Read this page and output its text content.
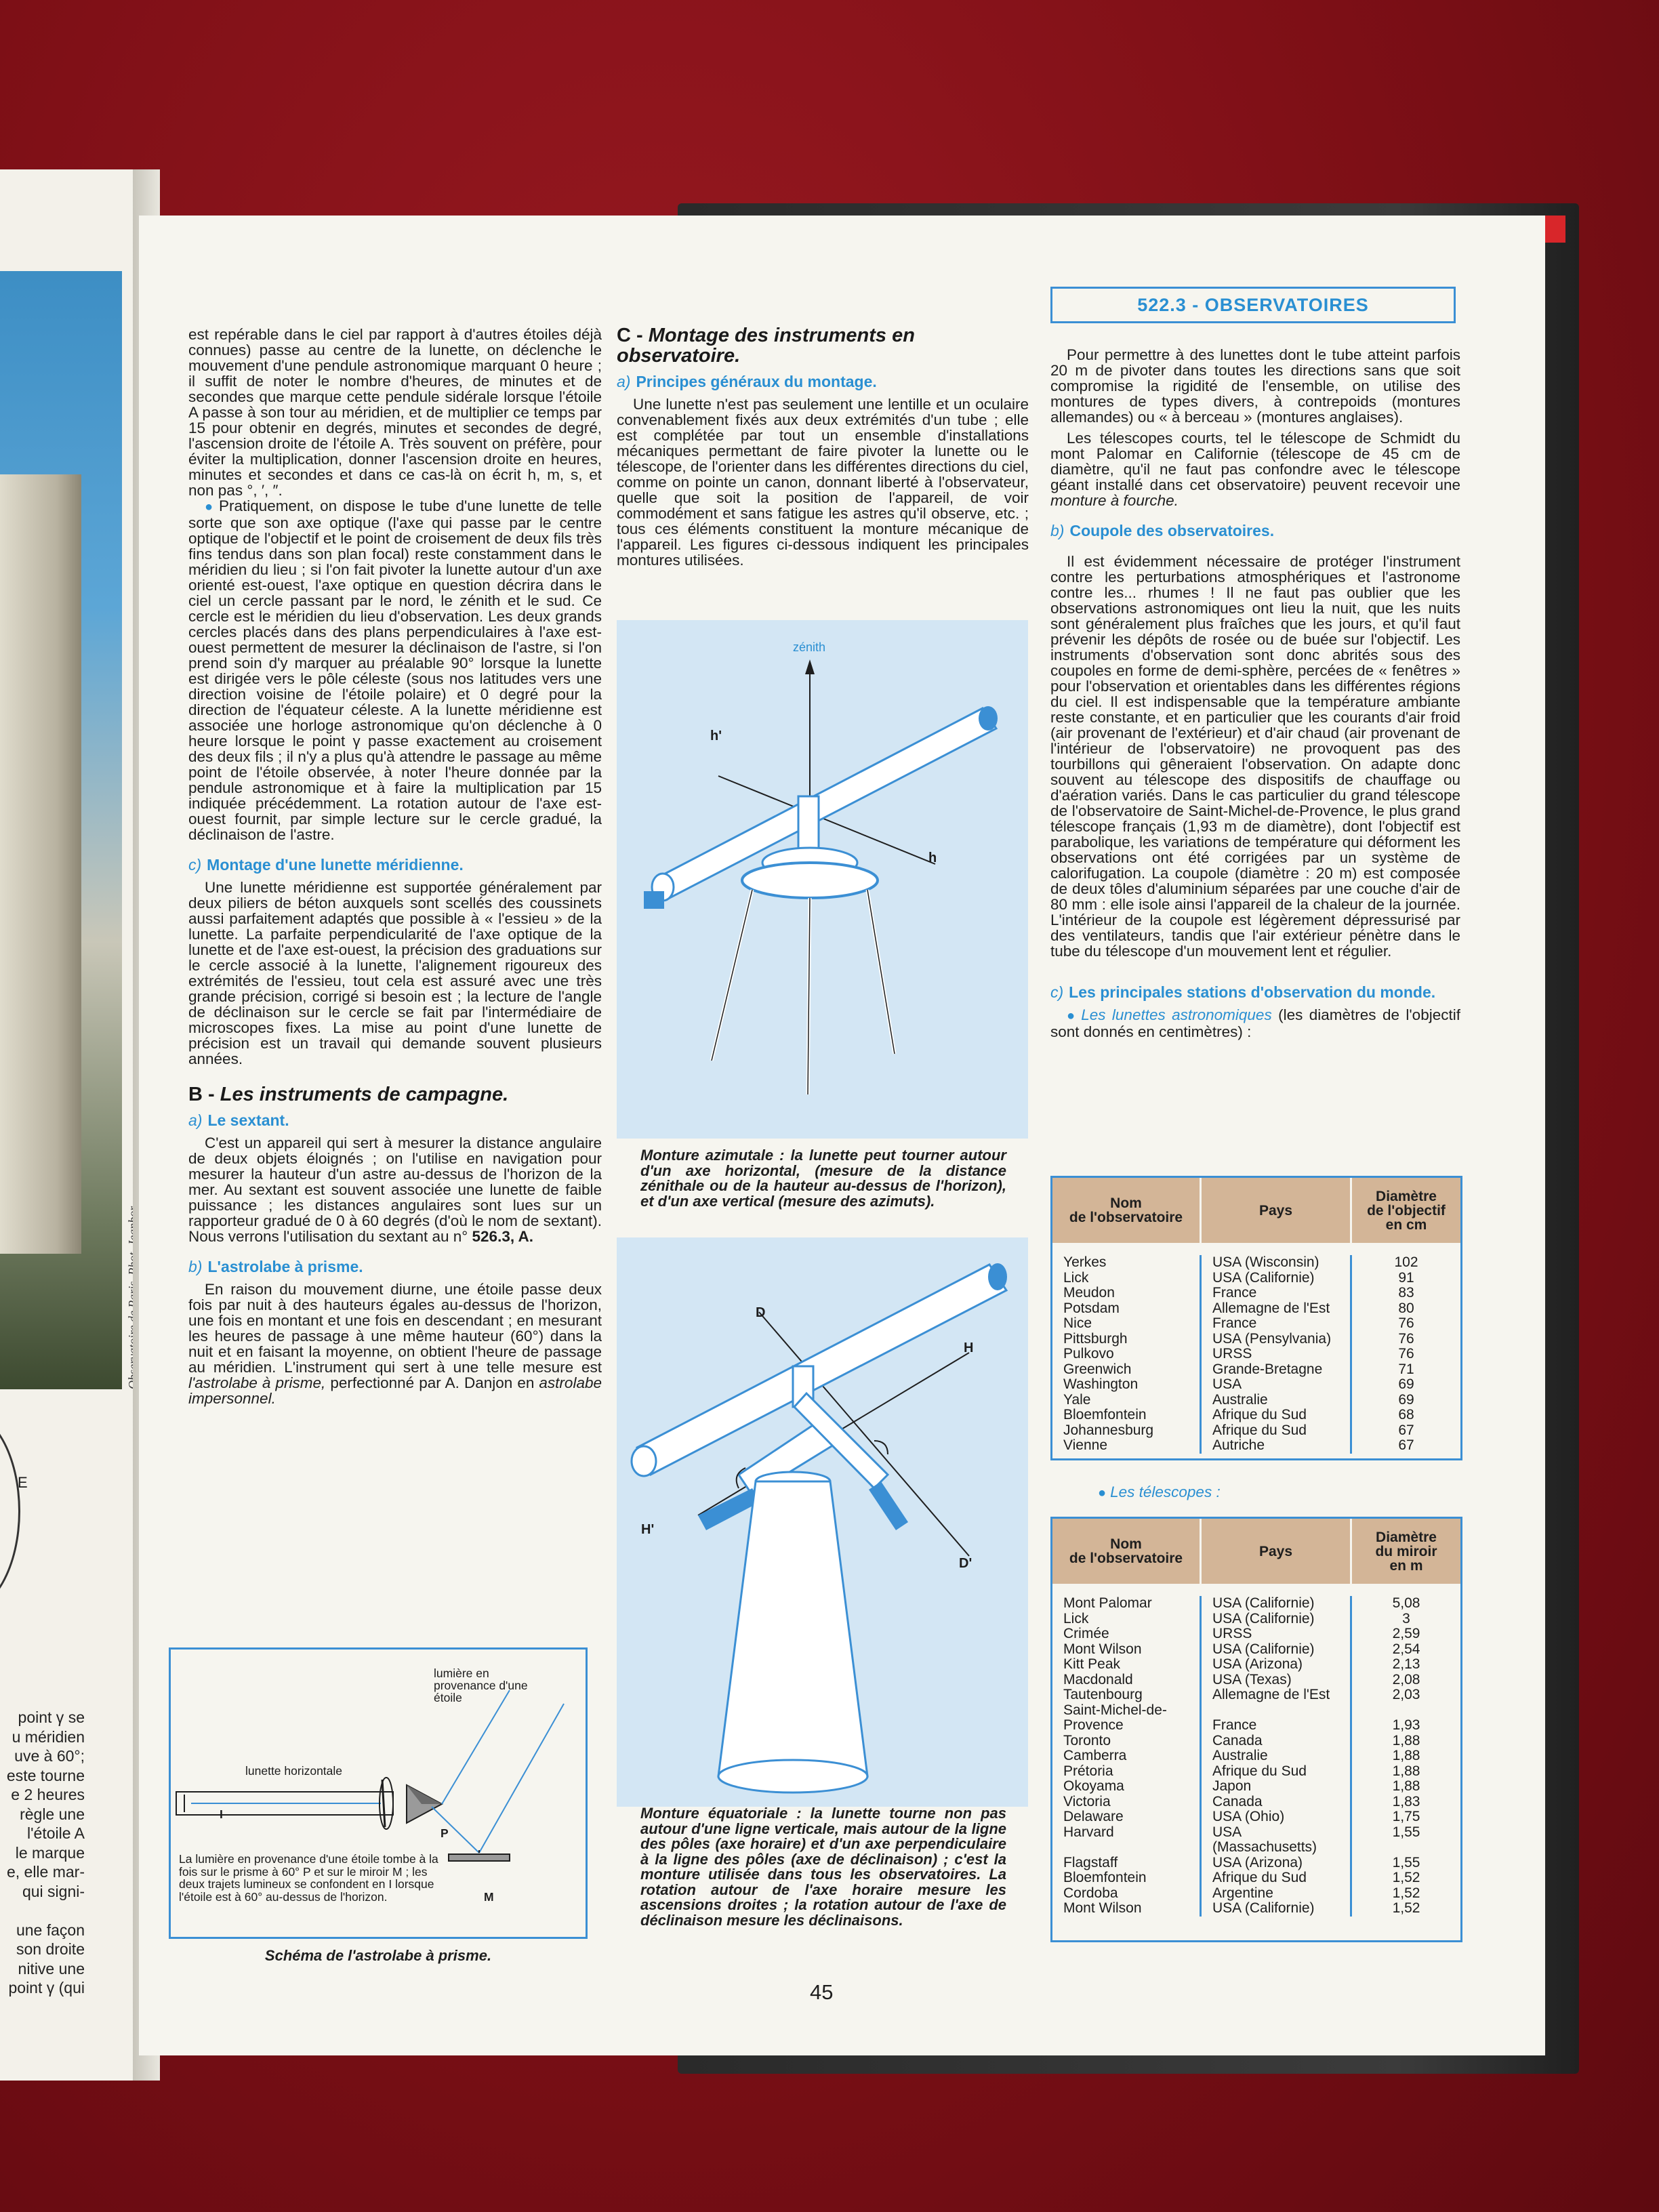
E
point γ se
u méridien
uve à 60°;
este tourne
e 2 heures
règle une
l'étoile A
le marque
e, elle mar-
qui signi-

une façon
son droite
nitive une
point γ (qui

est repérable dans le ciel par rapport à d'autres étoiles déjà connues) passe au centre de la lunette, on déclenche le mouvement d'une pendule astronomique marquant 0 heure ; il suffit de noter le nombre d'heures, de minutes et de secondes que marque cette pendule sidérale lorsque l'étoile A passe à son tour au méridien, et de multiplier ce temps par 15 pour obtenir en degrés, minutes et secondes de degré, l'ascension droite de l'étoile A. Très souvent on préfère, pour éviter la multiplication, donner l'ascension droite en heures, minutes et secondes et dans ce cas-là on écrit h, m, s, et non pas °, ′, ″.

● Pratiquement, on dispose le tube d'une lunette de telle sorte que son axe optique (l'axe qui passe par le centre optique de l'objectif et le point de croisement de deux fils très fins tendus dans son plan focal) reste constamment dans le méridien du lieu ; si l'on fait pivoter la lunette autour d'un axe orienté est-ouest, l'axe optique en question décrira dans le ciel un cercle passant par le nord, le zénith et le sud. Ce cercle est le méridien du lieu d'observation. Les deux grands cercles placés dans des plans perpendiculaires à l'axe est-ouest permettent de mesurer la déclinaison de l'astre, si l'on prend soin d'y marquer au préalable 90° lorsque la lunette est dirigée vers le pôle céleste (sous nos latitudes vers une direction voisine de l'étoile polaire) et 0 degré pour la direction de l'équateur céleste. A la lunette méridienne est associée une horloge astronomique qu'on déclenche à 0 heure lorsque le point γ passe exactement au croisement des deux fils ; il n'y a plus qu'à attendre le passage au même point de l'étoile observée, à noter l'heure donnée par la pendule astronomique et à faire la multiplication par 15 indiquée précédemment. La rotation autour de l'axe est-ouest fournit, par simple lecture sur le cercle gradué, la déclinaison de l'astre.

c) Montage d'une lunette méridienne.

Une lunette méridienne est supportée généralement par deux piliers de béton auxquels sont scellés des coussinets aussi parfaitement adaptés que possible à « l'essieu » de la lunette. La parfaite perpendicularité de l'axe optique de la lunette et de l'axe est-ouest, la précision des graduations sur le cercle associé à la lunette, l'alignement rigoureux des extrémités de l'essieu, tout cela est assuré avec une très grande précision, corrigé si besoin est ; la lecture de l'angle de déclinaison sur le cercle se fait par l'intermédiaire de microscopes fixes. La mise au point d'une lunette de précision est un travail qui demande souvent plusieurs années.

B - Les instruments de campagne.
a) Le sextant.

C'est un appareil qui sert à mesurer la distance angulaire de deux objets éloignés ; on l'utilise en navigation pour mesurer la hauteur d'un astre au-dessus de l'horizon de la mer. Au sextant est souvent associée une lunette de faible puissance ; les distances angulaires sont lues sur un rapporteur gradué de 0 à 60 degrés (d'où le nom de sextant). Nous verrons l'utilisation du sextant au n° 526.3, A.

b) L'astrolabe à prisme.

En raison du mouvement diurne, une étoile passe deux fois par nuit à des hauteurs égales au-dessus de l'horizon, une fois en montant et une fois en descendant ; en mesurant les heures de passage à une même hauteur (60°) dans la nuit et en faisant la moyenne, on obtient l'heure de passage au méridien. L'instrument qui sert à une telle mesure est l'astrolabe à prisme, perfectionné par A. Danjon en astrolabe impersonnel.

lumière en provenance d'une étoile
lunette horizontale
I
P
M
La lumière en provenance d'une étoile tombe à la fois sur le prisme à 60° P et sur le miroir M ; les deux trajets lumineux se confondent en I lorsque l'étoile est à 60° au-dessus de l'horizon.
Schéma de l'astrolabe à prisme.
C - Montage des instruments en observatoire.
a) Principes généraux du montage.

Une lunette n'est pas seulement une lentille et un oculaire convenablement fixés aux deux extrémités d'un tube ; elle est complétée par tout un ensemble d'installations mécaniques permettant de faire pivoter la lunette ou le télescope, de l'orienter dans les différentes directions du ciel, comme on pointe un canon, donnant liberté à l'observateur, quelle que soit la position de l'appareil, de voir commodément et sans fatigue les astres qu'il observe, etc. ; tous ces éléments constituent la monture mécanique de l'appareil. Les figures ci-dessous indiquent les principales montures utilisées.

zénith
h'
h
Monture azimutale : la lunette peut tourner autour d'un axe horizontal, (mesure de la distance zénithale ou de la hauteur au-dessus de l'horizon), et d'un axe vertical (mesure des azimuts).
D
D'
H
H'
Monture équatoriale : la lunette tourne non pas autour d'une ligne verticale, mais autour de la ligne des pôles (axe horaire) et d'un axe perpendiculaire à la ligne des pôles (axe de déclinaison) ; c'est la monture utilisée dans tous les observatoires. La rotation autour de l'axe horaire mesure les ascensions droites ; la rotation autour de l'axe de déclinaison mesure les déclinaisons.
522.3 - OBSERVATOIRES

Pour permettre à des lunettes dont le tube atteint parfois 20 m de pivoter dans toutes les directions sans que soit compromise la rigidité de l'ensemble, on utilise des montures de types divers, à contrepoids (montures allemandes) ou « à berceau » (montures anglaises).

Les télescopes courts, tel le télescope de Schmidt du mont Palomar en Californie (télescope de 45 cm de diamètre, qu'il ne faut pas confondre avec le télescope géant installé dans cet observatoire) peuvent recevoir une monture à fourche.

b) Coupole des observatoires.

Il est évidemment nécessaire de protéger l'instrument contre les perturbations atmosphériques et l'astronome contre les... rhumes ! Il ne faut pas oublier que les observations astronomiques ont lieu la nuit, que les nuits sont généralement plus fraîches que les jours, et qu'il faut prévenir les dépôts de rosée ou de buée sur l'objectif. Les instruments d'observation sont donc abrités sous des coupoles en forme de demi-sphère, percées de « fenêtres » pour l'observation et orientables dans les différentes régions du ciel. Il est indispensable que la température ambiante reste constante, et en particulier que les courants d'air froid (air provenant de l'extérieur) et d'air chaud (air provenant de l'intérieur de l'observatoire) ne provoquent pas des tourbillons qui gêneraient l'observation. On adapte donc souvent au télescope des dispositifs de chauffage ou d'aération variés. Dans le cas particulier du grand télescope de l'observatoire de Saint-Michel-de-Provence, le plus grand télescope français (1,93 m de diamètre), dont l'objectif est parabolique, les variations de température qui déforment les observations ont été corrigées par un système de calorifugation. La coupole (diamètre : 20 m) est composée de deux tôles d'aluminium séparées par une couche d'air de 80 mm : elle isole ainsi l'appareil de la chaleur de la journée. L'intérieur de la coupole est légèrement dépressurisé par des ventilateurs, tandis que l'air extérieur pénètre dans le tube du télescope d'un mouvement lent et régulier.

c) Les principales stations d'observation du monde.

● Les lunettes astronomiques (les diamètres de l'objectif sont donnés en centimètres) :

Nom
de l'observatoire	Pays
Diamètre
de l'objectif
en cm
Yerkes
Lick
Meudon
Potsdam
Nice
Pittsburgh
Pulkovo
Greenwich
Washington
Yale
Bloemfontein
Johannesburg
Vienne
USA (Wisconsin)
USA (Californie)
France
Allemagne de l'Est
France
USA (Pensylvania)
URSS
Grande-Bretagne
USA
Australie
Afrique du Sud
Afrique du Sud
Autriche
102
91
83
80
76
76
76
71
69
69
68
67
67

● Les télescopes :

Nom
de l'observatoire	Pays
Diamètre
du miroir
en m
Mont Palomar
Lick
Crimée
Mont Wilson
Kitt Peak
Macdonald
Tautenbourg
Saint-Michel-de-
Provence
Toronto
Camberra
Prétoria
Okoyama
Victoria
Delaware
Harvard

Flagstaff
Bloemfontein
Cordoba
Mont Wilson
USA (Californie)
USA (Californie)
URSS
USA (Californie)
USA (Arizona)
USA (Texas)
Allemagne de l'Est

France
Canada
Australie
Afrique du Sud
Japon
Canada
USA (Ohio)
USA
(Massachusetts)
USA (Arizona)
Afrique du Sud
Argentine
USA (Californie)
5,08
3
2,59
2,54
2,13
2,08
2,03

1,93
1,88
1,88
1,88
1,88
1,83
1,75
1,55

1,55
1,52
1,52
1,52
45
